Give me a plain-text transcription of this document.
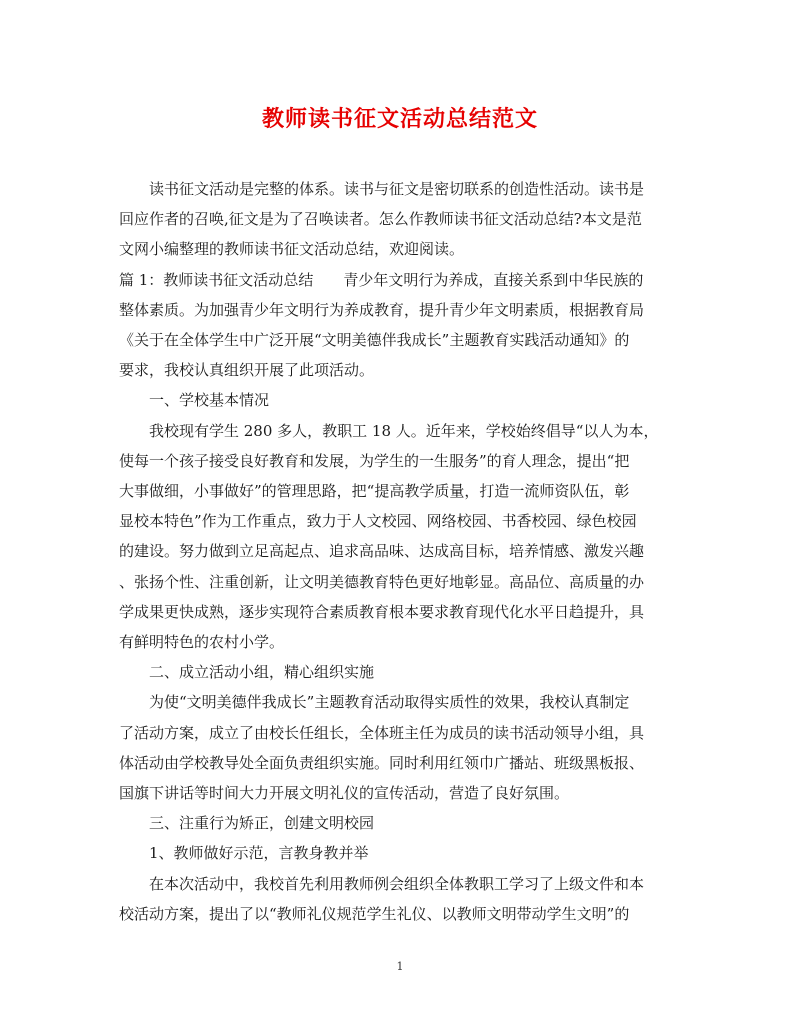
教师读书征文活动总结范文

读书征文活动是完整的体系。读书与征文是密切联系的创造性活动。读书是

回应作者的召唤,征文是为了召唤读者。怎么作教师读书征文活动总结?本文是范

文网小编整理的教师读书征文活动总结，欢迎阅读。

篇 1：教师读书征文活动总结　　青少年文明行为养成，直接关系到中华民族的

整体素质。为加强青少年文明行为养成教育，提升青少年文明素质，根据教育局

《关于在全体学生中广泛开展“文明美德伴我成长”主题教育实践活动通知》的

要求，我校认真组织开展了此项活动。

一、学校基本情况

我校现有学生 280 多人，教职工 18 人。近年来，学校始终倡导“以人为本，

使每一个孩子接受良好教育和发展，为学生的一生服务”的育人理念，提出“把

大事做细，小事做好”的管理思路，把“提高教学质量，打造一流师资队伍，彰

显校本特色”作为工作重点，致力于人文校园、网络校园、书香校园、绿色校园

的建设。努力做到立足高起点、追求高品味、达成高目标，培养情感、激发兴趣

、张扬个性、注重创新，让文明美德教育特色更好地彰显。高品位、高质量的办

学成果更快成熟，逐步实现符合素质教育根本要求教育现代化水平日趋提升，具

有鲜明特色的农村小学。

二、成立活动小组，精心组织实施

为使“文明美德伴我成长”主题教育活动取得实质性的效果，我校认真制定

了活动方案，成立了由校长任组长，全体班主任为成员的读书活动领导小组，具

体活动由学校教导处全面负责组织实施。同时利用红领巾广播站、班级黑板报、

国旗下讲话等时间大力开展文明礼仪的宣传活动，营造了良好氛围。

三、注重行为矫正，创建文明校园

1、教师做好示范，言教身教并举

在本次活动中，我校首先利用教师例会组织全体教职工学习了上级文件和本

校活动方案，提出了以“教师礼仪规范学生礼仪、以教师文明带动学生文明”的

1
